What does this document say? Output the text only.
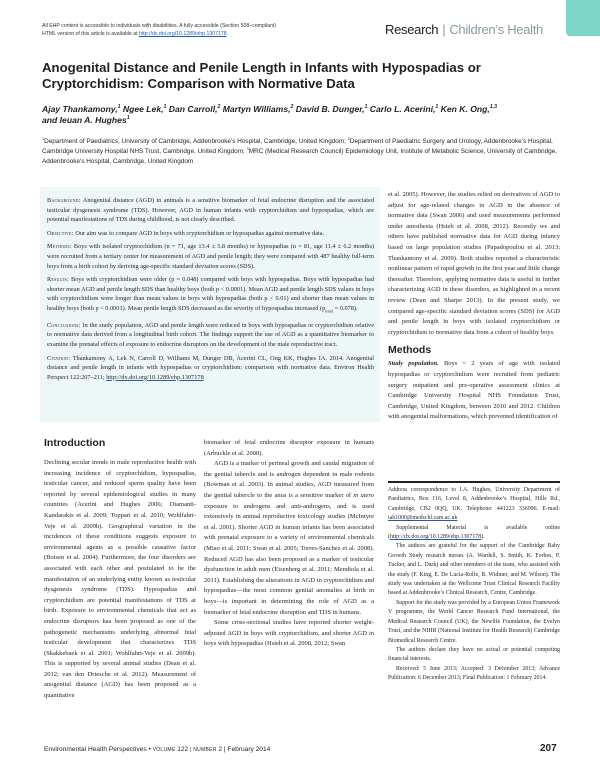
All EHP content is accessible to individuals with disabilities. A fully accessible (Section 508–compliant)
HTML version of this article is available at http://dx.doi.org/10.1289/ehp.1307178.	Research | Children’s Health
Anogenital Distance and Penile Length in Infants with Hypospadias or Cryptorchidism: Comparison with Normative Data
Ajay Thankamony,$^1$ Ngee Lek,$^1$ Dan Carroll,$^2$ Martyn Williams,$^2$ David B. Dunger,$^1$ Carlo L. Acerini,$^1$ Ken K. Ong,$^{1,3}$
and Ieuan A. Hughes$^1$
$^1$Department of Paediatrics, University of Cambridge, Addenbrooke’s Hospital, Cambridge, United Kingdom; $^2$Department of Paediatric Surgery and Urology, Addenbrooke’s Hospital, Cambridge University Hospital NHS Trust, Cambridge, United Kingdom; $^3$MRC (Medical Research Council) Epidemiology Unit, Institute of Metabolic Science, University of Cambridge, Addenbrooke’s Hospital, Cambridge, United Kingdom

Background: Anogenital distance (AGD) in animals is a sensitive biomarker of fetal endocrine disruption and the associated testicular dysgenesis syndrome (TDS). However, AGD in human infants with cryptorchidism and hypospadias, which are potential manifestations of TDS during childhood, is not clearly described.

Objective: Our aim was to compare AGD in boys with cryptorchidism or hypospadias against normative data.

Methods: Boys with isolated cryptorchidism (n = 71, age 13.4 ± 5.8 months) or hypospadias (n = 81, age 11.4 ± 6.2 months) were recruited from a tertiary center for measurement of AGD and penile length; they were compared with 487 healthy full-term boys from a birth cohort by deriving age-specific standard deviation scores (SDS).

Results: Boys with cryptorchidism were older (p = 0.048) compared with boys with hypospadias. Boys with hypospadias had shorter mean AGD and penile length SDS than healthy boys (both p < 0.0001). Mean AGD and penile length SDS values in boys with cryptorchidism were longer than mean values in boys with hypospadias (both p < 0.01) and shorter than mean values in healthy boys (both p < 0.0001). Mean penile length SDS decreased as the severity of hypospadias increased $(p_{trend} = 0.078)$.

Conclusions: In the study population, AGD and penile length were reduced in boys with hypospadias or cryptorchidism relative to normative data derived from a longitudinal birth cohort. The findings support the use of AGD as a quantitative biomarker to examine the prenatal effects of exposure to endocrine disruptors on the development of the male reproductive tract.

Citation: Thankamony A, Lek N, Carroll D, Williams M, Dunger DB, Acerini CL, Ong KK, Hughes IA. 2014. Anogenital distance and penile length in infants with hypospadias or cryptorchidism: comparison with normative data. Environ Health Perspect 122:207–211; http://dx.doi.org/10.1289/ehp.1307178

Introduction

Declining secular trends in male reproductive health with increasing incidence of cryptorchidism, hypospadias, testicular cancer, and reduced sperm quality have been reported by several epidemiological studies in many countries (Acerini and Hughes 2006; Diamanti-Kandarakis et al. 2009; Toppari et al. 2010; Wohlfahrt-Veje et al. 2009b). Geographical variation in the incidences of these conditions suggests exposure to environmental agents as a possible causative factor (Boisen et al. 2004). Furthermore, the four disorders are associated with each other and postulated to be the manifestation of an underlying entity known as testicular dysgenesis syndrome (TDS). Hypospadias and cryptorchidism are potential manifestations of TDS at birth. Exposure to environmental chemicals that act as endocrine disruptors has been proposed as one of the pathogenetic mechanisms underlying abnormal fetal testicular development that characterizes TDS (Skakkebaek et al. 2001; Wohlfahrt-Veje et al. 2009b). This is supported by several animal studies (Dean et al. 2012; van den Driesche et al. 2012). Measurement of anogenital distance (AGD) has been proposed as a quantitative

biomarker of fetal endocrine disruptor exposure in humans (Arbuckle et al. 2008).

AGD is a marker of perineal growth and caudal migration of the genital tubercle and is androgen dependent in male rodents (Bowman et al. 2003). In animal studies, AGD measured from the genital tubercle to the anus is a sensitive marker of in utero exposure to androgens and anti-androgens, and is used extensively in animal reproductive toxicology studies (McIntyre et al. 2001). Shorter AGD in human infants has been associated with prenatal exposure to a variety of environmental chemicals (Miao et al. 2011; Swan et al. 2005; Torres-Sanchez et al. 2008). Reduced AGD has also been proposed as a marker of testicular dysfunction in adult men (Eisenberg et al. 2011; Mendiola et al. 2011). Establishing the alterations in AGD in cryptorchidism and hypospadias—the most common genital anomalies at birth in boys—is important in determining the role of AGD as a biomarker of fetal endocrine disruption and TDS in humans.

Some cross-sectional studies have reported shorter weight-adjusted AGD in boys with cryptorchidism, and shorter AGD in boys with hypospadias (Hsieh et al. 2008, 2012; Swan

et al. 2005). However, the studies relied on derivatives of AGD to adjust for age-related changes in AGD in the absence of normative data (Swan 2006) and used measurements performed under anesthesia (Hsieh et al. 2008, 2012). Recently we and others have published normative data for AGD during infancy based on large population studies (Papadopoulou et al. 2013; Thankamony et al. 2009). Both studies reported a characteristic nonlinear pattern of rapid growth in the first year and little change thereafter. Therefore, applying normative data is useful in further characterizing AGD in these disorders, as highlighted in a recent review (Dean and Sharpe 2013). In the present study, we compared age-specific standard deviation scores (SDS) for AGD and penile length in boys with isolated cryptorchidism or cryptorchidism to normative data from a cohort of healthy boys.

Methods

Study population. Boys < 2 years of age with isolated hypospadias or cryptorchidism were recruited from pediatric surgery outpatient and pre-operative assessment clinics at Cambridge University Hospital NHS Foundation Trust, Cambridge, United Kingdom, between 2010 and 2012. Children with anogenital malformations, which prevented identification of

Address correspondence to I.A. Hughes, University Department of Paediatrics, Box 116, Level 8, Addenbrooke’s Hospital, Hills Rd., Cambridge, CB2 0QQ, UK. Telephone: 441223 336996. E-mail: iah1000@medschl.cam.ac.uk

Supplemental Material is available online (http://dx.doi.org/10.1289/ehp.1307178).

The authors are grateful for the support of the Cambridge Baby Growth Study research nurses (A. Wardell, S. Smith, K. Forbes, P. Tucker, and L. Dark) and other members of the team, who assisted with the study (F. King, E. De Lucia-Rolfe, B. Widmer, and M. Wilson). The study was undertaken at the Wellcome Trust Clinical Research Facility based at Addenbrooke’s Clinical Research, Centre, Cambridge.

Support for the study was provided by a European Union Framework V programme, the World Cancer Research Fund International, the Medical Research Council (UK), the Newlife Foundation, the Evelyn Trust, and the NIHR (National Institute for Health Research) Cambridge Biomedical Research Centre.

The authors declare they have no actual or potential competing financial interests.

Received: 5 June 2013; Accepted: 3 December 2013; Advance Publication: 6 December 2013; Final Publication: 1 February 2014.

Environmental Health Perspectives • VOLUME 122 | NUMBER 2 | February 2014	207
